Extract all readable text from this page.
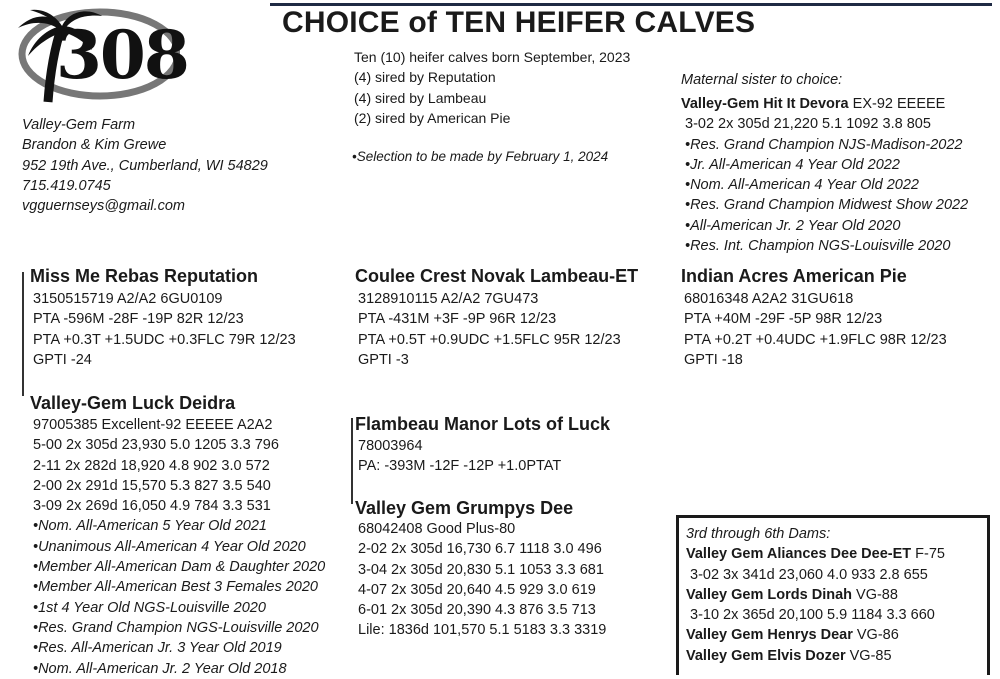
308	CHOICE of TEN HEIFER CALVES
Valley-Gem Farm
Brandon & Kim Grewe
952 19th Ave., Cumberland, WI 54829
715.419.0745
vgguernseys@gmail.com
Ten (10) heifer calves born September, 2023
(4) sired by Reputation
(4) sired by Lambeau
(2) sired by American Pie
•Selection to be made by February 1, 2024
Maternal sister to choice:
Valley-Gem Hit It Devora EX-92 EEEEE
3-02 2x 305d 21,220 5.1 1092 3.8 805
•Res. Grand Champion NJS-Madison-2022
•Jr. All-American 4 Year Old 2022
•Nom. All-American 4 Year Old 2022
•Res. Grand Champion Midwest Show 2022
•All-American Jr. 2 Year Old 2020
•Res. Int. Champion NGS-Louisville 2020
Miss Me Rebas Reputation
3150515719 A2/A2 6GU0109
PTA -596M -28F -19P 82R 12/23
PTA +0.3T +1.5UDC +0.3FLC 79R 12/23
GPTI -24
Coulee Crest Novak Lambeau-ET
3128910115 A2/A2 7GU473
PTA -431M +3F -9P 96R 12/23
PTA +0.5T +0.9UDC +1.5FLC 95R 12/23
GPTI -3
Indian Acres American Pie
68016348 A2A2 31GU618
PTA +40M -29F -5P 98R 12/23
PTA +0.2T +0.4UDC +1.9FLC 98R 12/23
GPTI -18
Valley-Gem Luck Deidra
97005385 Excellent-92 EEEEE A2A2
5-00 2x 305d 23,930 5.0 1205 3.3 796
2-11 2x 282d 18,920 4.8 902 3.0 572
2-00 2x 291d 15,570 5.3 827 3.5 540
3-09 2x 269d 16,050 4.9 784 3.3 531
•Nom. All-American 5 Year Old 2021
•Unanimous All-American 4 Year Old 2020
•Member All-American Dam & Daughter 2020
•Member All-American Best 3 Females 2020
•1st 4 Year Old NGS-Louisville 2020
•Res. Grand Champion NGS-Louisville 2020
•Res. All-American Jr. 3 Year Old 2019
•Nom. All-American Jr. 2 Year Old 2018
Flambeau Manor Lots of Luck
78003964
PA: -393M -12F -12P +1.0PTAT
Valley Gem Grumpys Dee
68042408 Good Plus-80
2-02 2x 305d 16,730 6.7 1118 3.0 496
3-04 2x 305d 20,830 5.1 1053 3.3 681
4-07 2x 305d 20,640 4.5 929 3.0 619
6-01 2x 305d 20,390 4.3 876 3.5 713
Lile: 1836d 101,570 5.1 5183 3.3 3319
3rd through 6th Dams:
Valley Gem Aliances Dee Dee-ET F-75
3-02 3x 341d 23,060 4.0 933 2.8 655
Valley Gem Lords Dinah VG-88
3-10 2x 365d 20,100 5.9 1184 3.3 660
Valley Gem Henrys Dear VG-86
Valley Gem Elvis Dozer VG-85
